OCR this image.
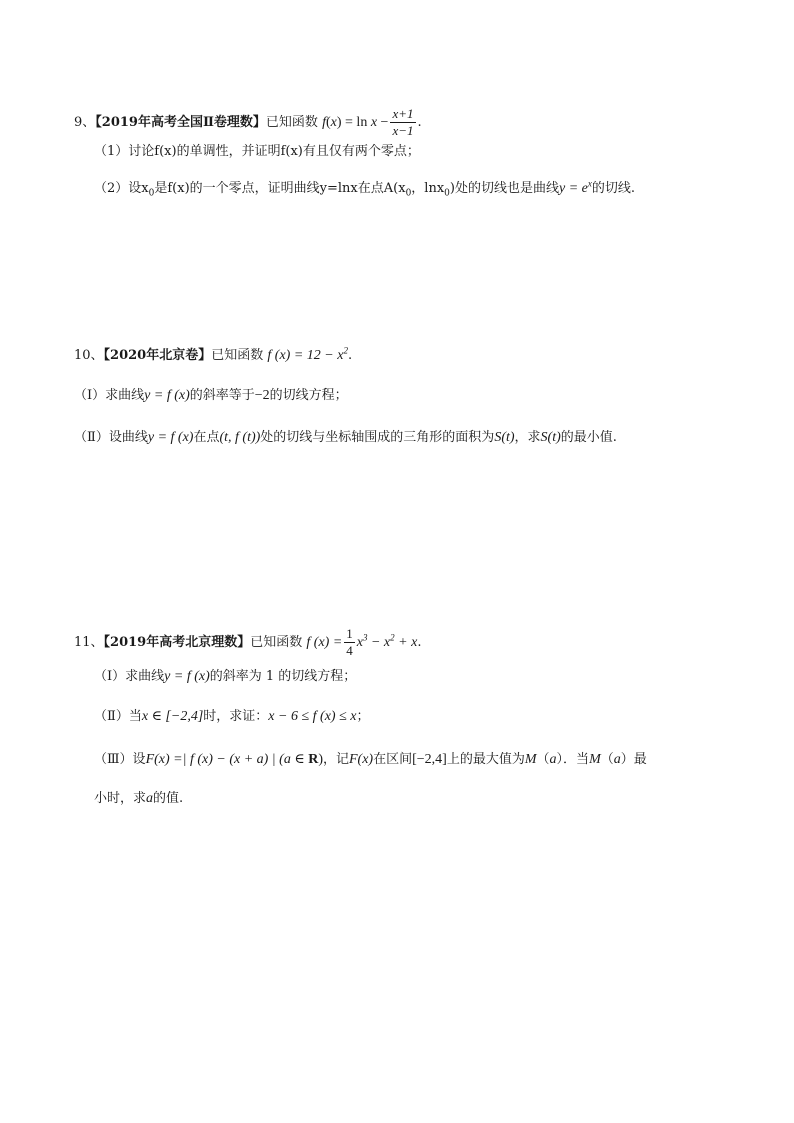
9、【2019年高考全国Ⅱ卷理数】已知函数 $f(x) = \ln x - \frac{x+1}{x-1}$ .
（1）讨论f(x)的单调性，并证明f(x)有且仅有两个零点；
（2）设$x_0$是f(x)的一个零点，证明曲线y=lnx在点$A(x_0$，lnx$_0$)处的切线也是曲线$y = e^x$的切线.
10、【2020年北京卷】已知函数 f $(x) = 12 - x^2$.
（Ⅰ）求曲线y = f (x)的斜率等于−2的切线方程；
（Ⅱ）设曲线y = f (x)在点(t, f (t))处的切线与坐标轴围成的三角形的面积为S(t)，求S(t)的最小值.
11、【2019年高考北京理数】已知函数 f $(x) = \frac{1}{4} x^3 - x^2 + x$.
（Ⅰ）求曲线y = f (x)的斜率为 1 的切线方程；
（Ⅱ）当x ∈ [−2,4]时，求证：x − 6 ≤ f (x) ≤ x；
（Ⅲ）设F(x) =| f (x) − (x + a) | (a ∈ R)，记F(x)在区间[−2,4]上的最大值为M（a）．当M（a）最
小时，求a的值.
